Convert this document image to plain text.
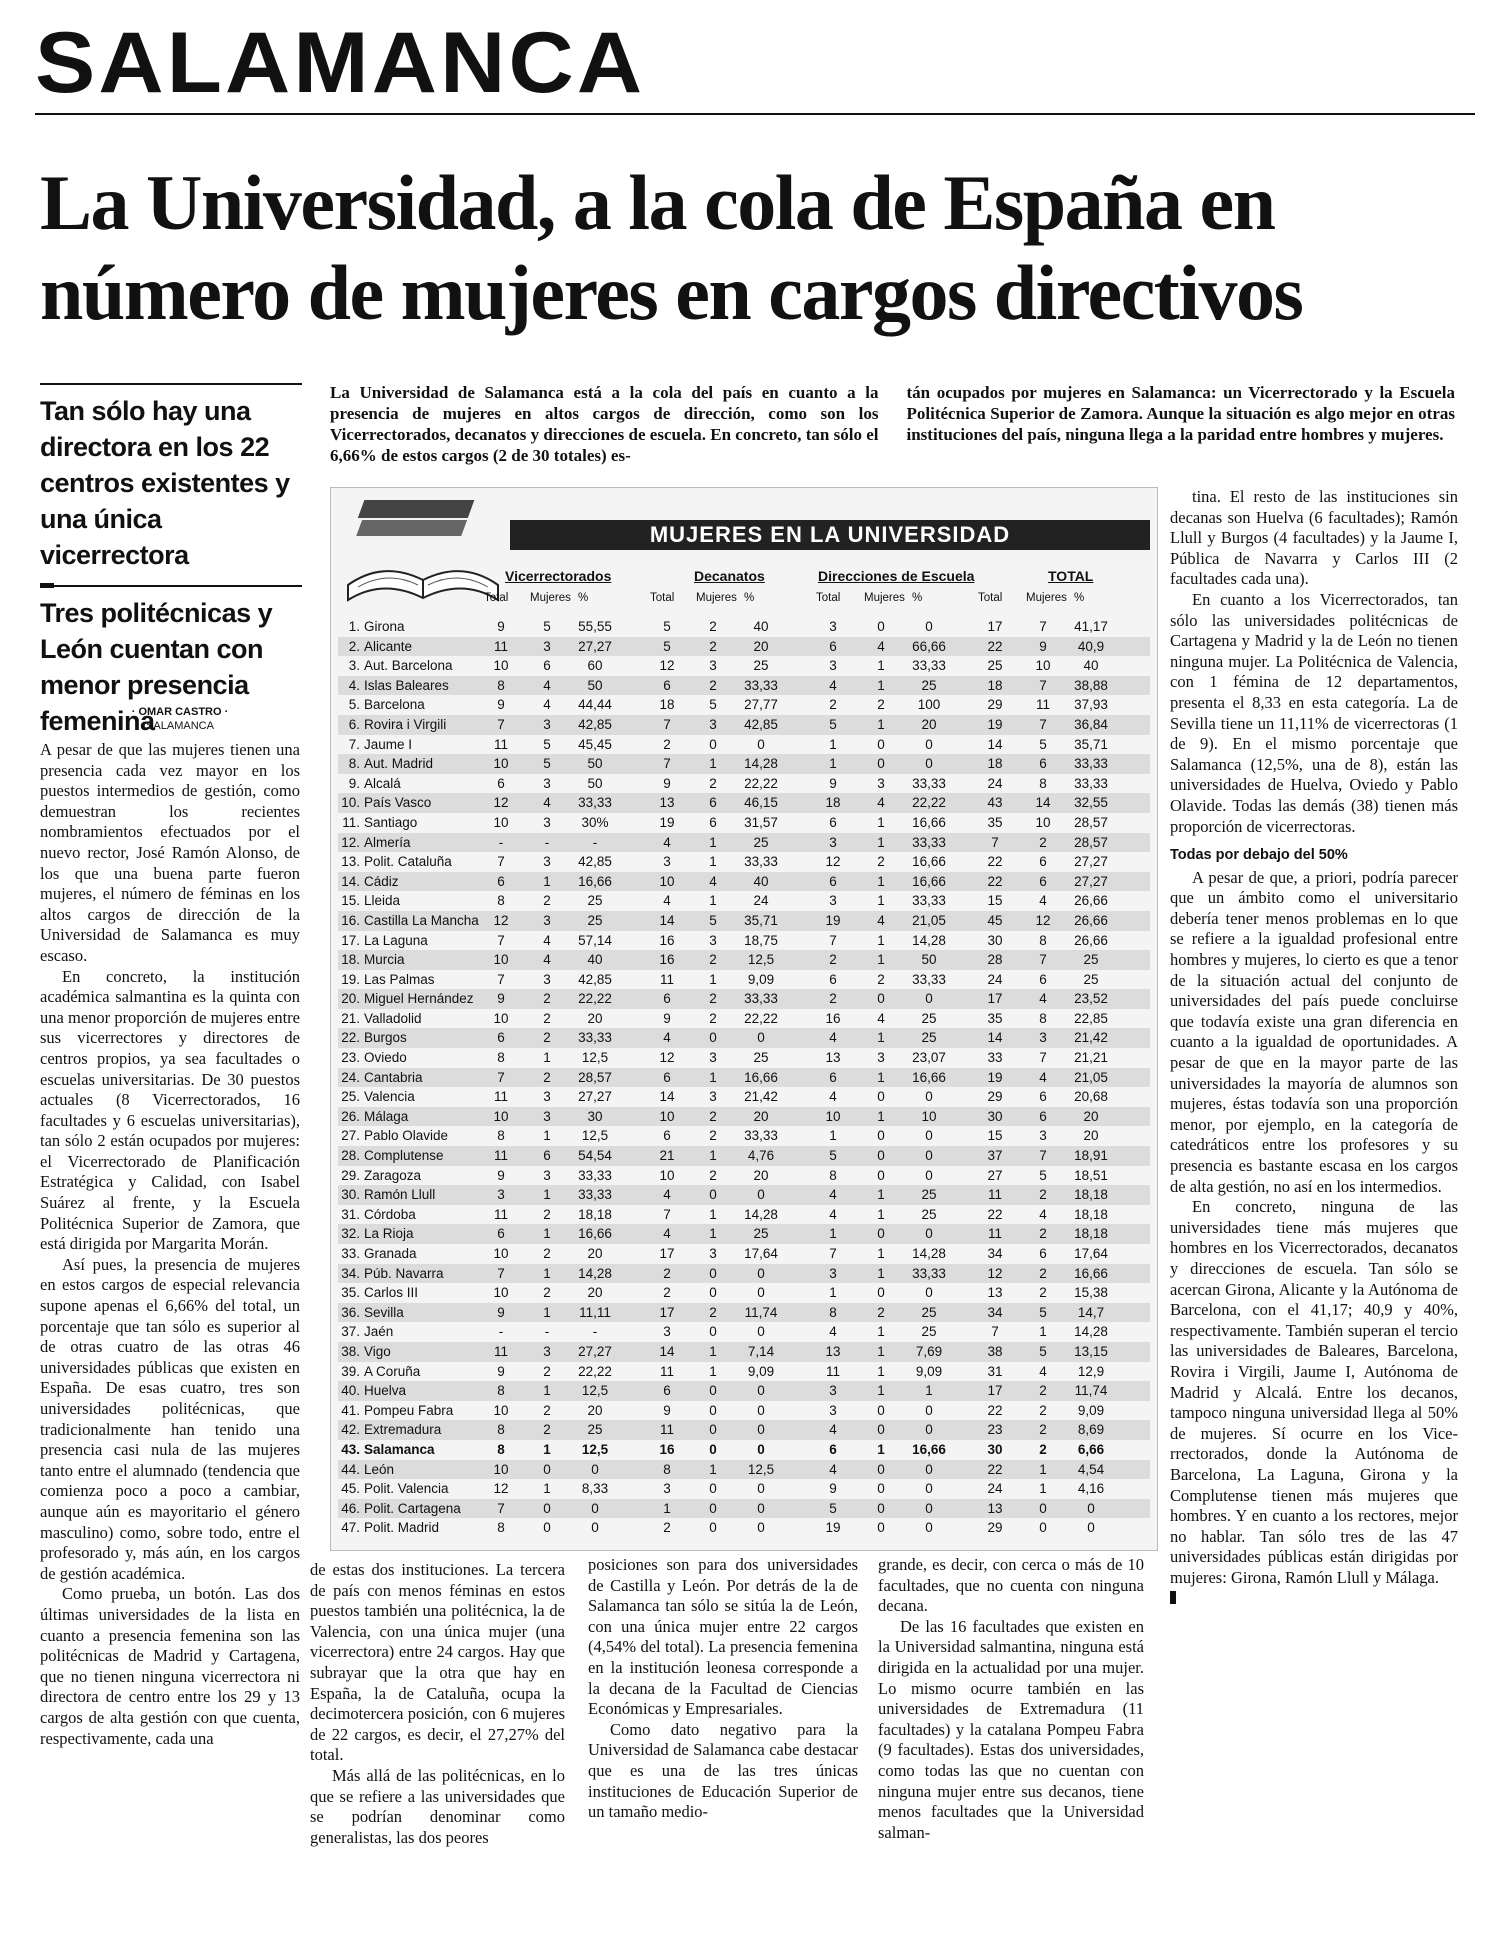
SALAMANCA
La Universidad, a la cola de España en número de mujeres en cargos directivos

Tan sólo hay una directora en los 22 centros existentes y una única vicerrectora

Tres politécnicas y León cuentan con menor presencia femenina

· OMAR CASTRO ·
SALAMANCA
La Universidad de Salamanca está a la cola del país en cuanto a la presencia de mujeres en altos cargos de dirección, como son los Vicerrectorados, decanatos y direcciones de escuela. En concreto, tan sólo el 6,66% de estos cargos (2 de 30 totales) es-
tán ocupados por mujeres en Salamanca: un Vicerrectorado y la Escuela Politécnica Superior de Zamora. Aunque la situación es algo mejor en otras instituciones del país, ninguna llega a la paridad entre hombres y mujeres.

A pesar de que las mujeres tienen una presencia cada vez mayor en los puestos intermedios de gestión, como demuestran los recientes nombramientos efectuados por el nuevo rector, José Ramón Alonso, de los que una buena parte fueron mujeres, el número de féminas en los altos cargos de dirección de la Universidad de Salamanca es muy escaso.

En concreto, la institución académica salmantina es la quinta con una menor proporción de mujeres entre sus vicerrectores y directores de centros propios, ya sea facultades o escuelas universitarias. De 30 puestos actuales (8 Vicerrectorados, 16 facultades y 6 escuelas universitarias), tan sólo 2 están ocupados por mujeres: el Vicerrectorado de Planificación Estratégica y Calidad, con Isabel Suárez al frente, y la Escuela Politécnica Superior de Zamora, que está dirigida por Margarita Morán.

Así pues, la presencia de mujeres en estos cargos de especial relevancia supone apenas el 6,66% del total, un porcentaje que tan sólo es superior al de otras cuatro de las otras 46 universidades públicas que existen en España. De esas cuatro, tres son universidades politécnicas, que tradicionalmente han tenido una presencia casi nula de las mujeres tanto entre el alumnado (tendencia que comienza poco a poco a cambiar, aunque aún es mayoritario el género masculino) como, sobre todo, entre el profesorado y, más aún, en los cargos de gestión académica.

Como prueba, un botón. Las dos últimas universidades de la lista en cuanto a presencia femenina son las politécnicas de Madrid y Cartagena, que no tienen ninguna vicerrectora ni directora de centro entre los 29 y 13 cargos de alta gestión con que cuenta, respectivamente, cada una

MUJERES EN LA UNIVERSIDAD
Vicerrectorados	Decanatos	Direcciones de Escuela	TOTAL
Total Mujeres %	Total Mujeres %	Total Mujeres %	Total Mujeres %
1. Girona	9	5	55,55	5	2	40	3	0	0	17	7	41,17
2. Alicante	11	3	27,27	5	2	20	6	4	66,66	22	9	40,9
3. Aut. Barcelona	10	6	60	12	3	25	3	1	33,33	25	10	40
4. Islas Baleares	8	4	50	6	2	33,33	4	1	25	18	7	38,88
5. Barcelona	9	4	44,44	18	5	27,77	2	2	100	29	11	37,93
6. Rovira i Virgili	7	3	42,85	7	3	42,85	5	1	20	19	7	36,84
7. Jaume I	11	5	45,45	2	0	0	1	0	0	14	5	35,71
8. Aut. Madrid	10	5	50	7	1	14,28	1	0	0	18	6	33,33
9. Alcalá	6	3	50	9	2	22,22	9	3	33,33	24	8	33,33
10. País Vasco	12	4	33,33	13	6	46,15	18	4	22,22	43	14	32,55
11. Santiago	10	3	30%	19	6	31,57	6	1	16,66	35	10	28,57
12. Almería	-	-	-	4	1	25	3	1	33,33	7	2	28,57
13. Polit. Cataluña	7	3	42,85	3	1	33,33	12	2	16,66	22	6	27,27
14. Cádiz	6	1	16,66	10	4	40	6	1	16,66	22	6	27,27
15. Lleida	8	2	25	4	1	24	3	1	33,33	15	4	26,66
16. Castilla La Mancha	12	3	25	14	5	35,71	19	4	21,05	45	12	26,66
17. La Laguna	7	4	57,14	16	3	18,75	7	1	14,28	30	8	26,66
18. Murcia	10	4	40	16	2	12,5	2	1	50	28	7	25
19. Las Palmas	7	3	42,85	11	1	9,09	6	2	33,33	24	6	25
20. Miguel Hernández	9	2	22,22	6	2	33,33	2	0	0	17	4	23,52
21. Valladolid	10	2	20	9	2	22,22	16	4	25	35	8	22,85
22. Burgos	6	2	33,33	4	0	0	4	1	25	14	3	21,42
23. Oviedo	8	1	12,5	12	3	25	13	3	23,07	33	7	21,21
24. Cantabria	7	2	28,57	6	1	16,66	6	1	16,66	19	4	21,05
25. Valencia	11	3	27,27	14	3	21,42	4	0	0	29	6	20,68
26. Málaga	10	3	30	10	2	20	10	1	10	30	6	20
27. Pablo Olavide	8	1	12,5	6	2	33,33	1	0	0	15	3	20
28. Complutense	11	6	54,54	21	1	4,76	5	0	0	37	7	18,91
29. Zaragoza	9	3	33,33	10	2	20	8	0	0	27	5	18,51
30. Ramón Llull	3	1	33,33	4	0	0	4	1	25	11	2	18,18
31. Córdoba	11	2	18,18	7	1	14,28	4	1	25	22	4	18,18
32. La Rioja	6	1	16,66	4	1	25	1	0	0	11	2	18,18
33. Granada	10	2	20	17	3	17,64	7	1	14,28	34	6	17,64
34. Púb. Navarra	7	1	14,28	2	0	0	3	1	33,33	12	2	16,66
35. Carlos III	10	2	20	2	0	0	1	0	0	13	2	15,38
36. Sevilla	9	1	11,11	17	2	11,74	8	2	25	34	5	14,7
37. Jaén	-	-	-	3	0	0	4	1	25	7	1	14,28
38. Vigo	11	3	27,27	14	1	7,14	13	1	7,69	38	5	13,15
39. A Coruña	9	2	22,22	11	1	9,09	11	1	9,09	31	4	12,9
40. Huelva	8	1	12,5	6	0	0	3	1	1	17	2	11,74
41. Pompeu Fabra	10	2	20	9	0	0	3	0	0	22	2	9,09
42. Extremadura	8	2	25	11	0	0	4	0	0	23	2	8,69
43. Salamanca	8	1	12,5	16	0	0	6	1	16,66	30	2	6,66
44. León	10	0	0	8	1	12,5	4	0	0	22	1	4,54
45. Polit. Valencia	12	1	8,33	3	0	0	9	0	0	24	1	4,16
46. Polit. Cartagena	7	0	0	1	0	0	5	0	0	13	0	0
47. Polit. Madrid	8	0	0	2	0	0	19	0	0	29	0	0

de estas dos instituciones. La tercera de país con menos féminas en estos puestos también una politécnica, la de Valencia, con una única mujer (una vicerrectora) entre 24 cargos. Hay que subrayar que la otra que hay en España, la de Cataluña, ocupa la decimotercera posición, con 6 mujeres de 22 cargos, es decir, el 27,27% del total.

Más allá de las politécnicas, en lo que se refiere a las universidades que se podrían denominar como generalistas, las dos peores

posiciones son para dos universidades de Castilla y León. Por detrás de la de Salamanca tan sólo se sitúa la de León, con una única mujer entre 22 cargos (4,54% del total). La presencia femenina en la institución leonesa corresponde a la decana de la Facultad de Ciencias Económicas y Empresariales.

Como dato negativo para la Universidad de Salamanca cabe destacar que es una de las tres únicas instituciones de Educación Superior de un tamaño medio-

grande, es decir, con cerca o más de 10 facultades, que no cuenta con ninguna decana.

De las 16 facultades que existen en la Universidad salmantina, ninguna está dirigida en la actualidad por una mujer. Lo mismo ocurre también en las universidades de Extremadura (11 facultades) y la catalana Pompeu Fabra (9 facultades). Estas dos universidades, como todas las que no cuentan con ninguna mujer entre sus decanos, tiene menos facultades que la Universidad salman-

tina. El resto de las instituciones sin decanas son Huelva (6 facultades); Ramón Llull y Burgos (4 facultades) y la Jaume I, Pública de Navarra y Carlos III (2 facultades cada una).

En cuanto a los Vicerrectorados, tan sólo las universidades politécnicas de Cartagena y Madrid y la de León no tienen ninguna mujer. La Politécnica de Valencia, con 1 fémina de 12 departamentos, presenta el 8,33 en esta categoría. La de Sevilla tiene un 11,11% de vicerrectoras (1 de 9). En el mismo porcentaje que Salamanca (12,5%, una de 8), están las universidades de Huelva, Oviedo y Pablo Olavide. Todas las demás (38) tienen más proporción de vicerrectoras.

Todas por debajo del 50%

A pesar de que, a priori, podría parecer que un ámbito como el universitario debería tener menos problemas en lo que se refiere a la igualdad profesional entre hombres y mujeres, lo cierto es que a tenor de la situación actual del conjunto de universidades del país puede concluirse que todavía existe una gran diferencia en cuanto a la igualdad de oportunidades. A pesar de que en la mayor parte de las universidades la mayoría de alumnos son mujeres, éstas todavía son una proporción menor, por ejemplo, en la categoría de catedráticos entre los profesores y su presencia es bastante escasa en los cargos de alta gestión, no así en los intermedios.

En concreto, ninguna de las universidades tiene más mujeres que hombres en los Vicerrectorados, decanatos y direcciones de escuela. Tan sólo se acercan Girona, Alicante y la Autónoma de Barcelona, con el 41,17; 40,9 y 40%, respectivamente. También superan el tercio las universidades de Baleares, Barcelona, Rovira i Virgili, Jaume I, Autónoma de Madrid y Alcalá. Entre los decanos, tampoco ninguna universidad llega al 50% de mujeres. Sí ocurre en los Vice-rrectorados, donde la Autónoma de Barcelona, La Laguna, Girona y la Complutense tienen más mujeres que hombres. Y en cuanto a los rectores, mejor no hablar. Tan sólo tres de las 47 universidades públicas están dirigidas por mujeres: Girona, Ramón Llull y Málaga.
